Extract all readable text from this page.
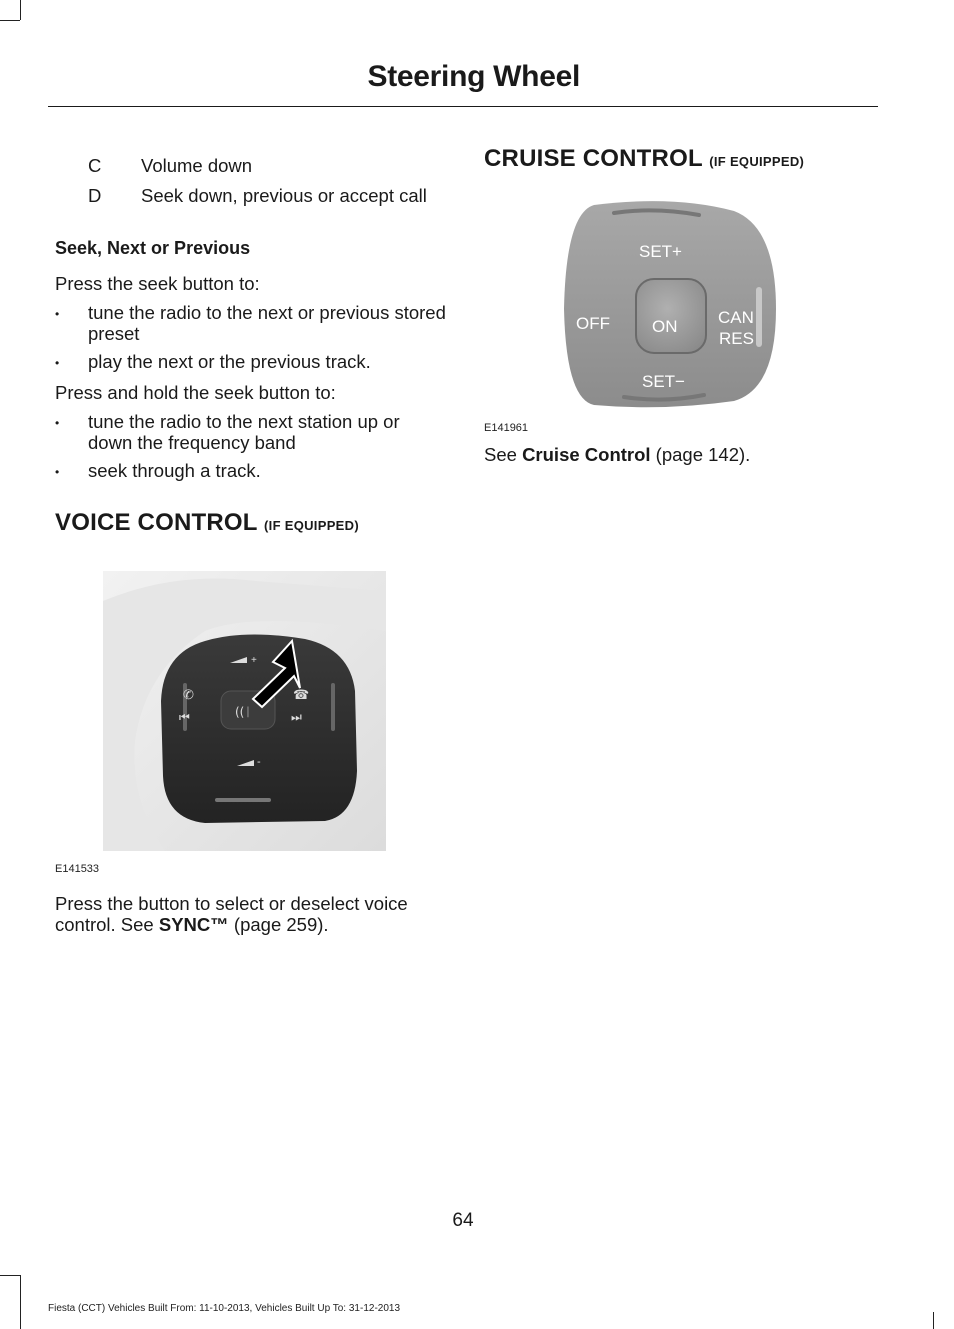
Steering Wheel
C	Volume down
D	Seek down, previous or accept call
Seek, Next or Previous

Press the seek button to:

• tune the radio to the next or previous stored preset
• play the next or the previous track.

Press and hold the seek button to:

• tune the radio to the next station up or down the frequency band
• seek through a track.
VOICE CONTROL (IF EQUIPPED)
+
-
((ᛁ
✆
⏮
☎
⏭
E141533

Press the button to select or deselect voice control. See SYNC™ (page 259).

CRUISE CONTROL (IF EQUIPPED)
SET+
OFF ON CAN
RES
SET−
E141961

See Cruise Control (page 142).

64
Fiesta (CCT) Vehicles Built From: 11-10-2013, Vehicles Built Up To: 31-12-2013
